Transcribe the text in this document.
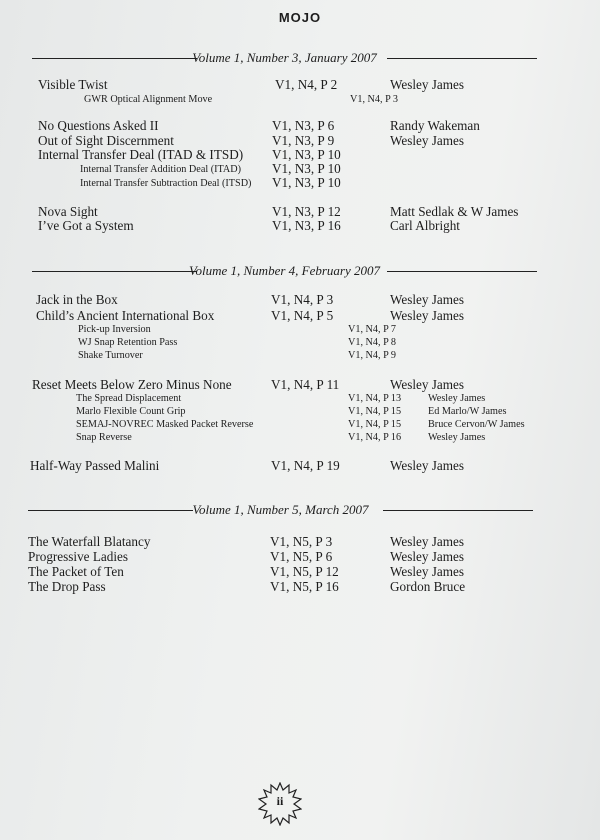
MOJO
Volume 1, Number 3, January 2007
Visible Twist	V1, N4, P 2	Wesley James
GWR Optical Alignment Move	V1, N4, P 3
No Questions Asked II	V1, N3, P 6	Randy Wakeman
Out of Sight Discernment	V1, N3, P 9	Wesley James
Internal Transfer Deal (ITAD & ITSD) V1, N3, P 10
Internal Transfer Addition Deal (ITAD) V1, N3, P 10
Internal Transfer Subtraction Deal (ITSD) V1, N3, P 10
Nova Sight	V1, N3, P 12	Matt Sedlak & W James
I’ve Got a System	V1, N3, P 16	Carl Albright
Volume 1, Number 4, February 2007
Jack in the Box	V1, N4, P 3	Wesley James
Child’s Ancient International Box	V1, N4, P 5	Wesley James
Pick-up Inversion	V1, N4, P 7
WJ Snap Retention Pass	V1, N4, P 8
Shake Turnover	V1, N4, P 9
Reset Meets Below Zero Minus None	V1, N4, P 11	Wesley James
The Spread Displacement	V1, N4, P 13	Wesley James
Marlo Flexible Count Grip	V1, N4, P 15	Ed Marlo/W James
SEMAJ-NOVREC Masked Packet Reverse	V1, N4, P 15	Bruce Cervon/W James
Snap Reverse	V1, N4, P 16	Wesley James
Half-Way Passed Malini	V1, N4, P 19	Wesley James
Volume 1, Number 5, March 2007
The Waterfall Blatancy	V1, N5, P 3	Wesley James
Progressive Ladies	V1, N5, P 6	Wesley James
The Packet of Ten	V1, N5, P 12	Wesley James
The Drop Pass	V1, N5, P 16	Gordon Bruce
ii
